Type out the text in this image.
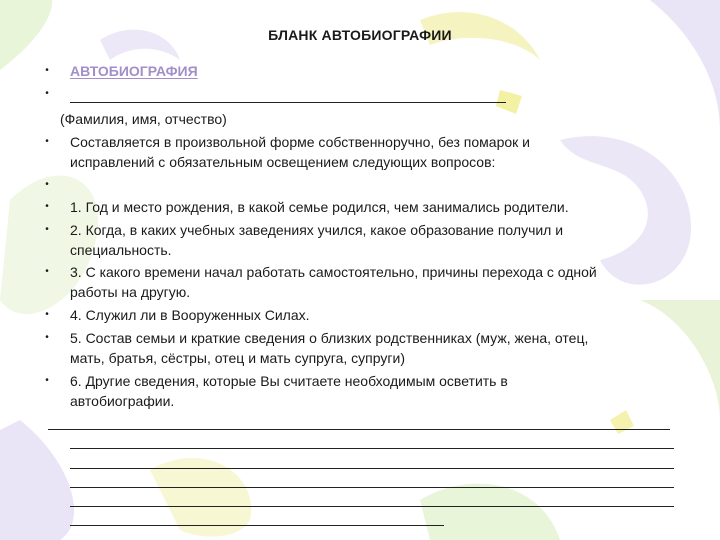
БЛАНК АВТОБИОГРАФИИ
• АВТОБИОГРАФИЯ
•
(Фамилия, имя, отчество)
• Составляется в произвольной форме собственноручно, без помарок и
исправлений с обязательным освещением следующих вопросов:
•
• 1. Год и место рождения, в какой семье родился, чем занимались родители.
• 2. Когда, в каких учебных заведениях учился, какое образование получил и
специальность.
• 3. С какого времени начал работать самостоятельно, причины перехода с одной
работы на другую.
• 4. Служил ли в Вооруженных Силах.
• 5. Состав семьи и краткие сведения о близких родственниках (муж, жена, отец,
мать, братья, сёстры, отец и мать супруга, супруги)
• 6. Другие сведения, которые Вы считаете необходимым осветить в
автобиографии.
